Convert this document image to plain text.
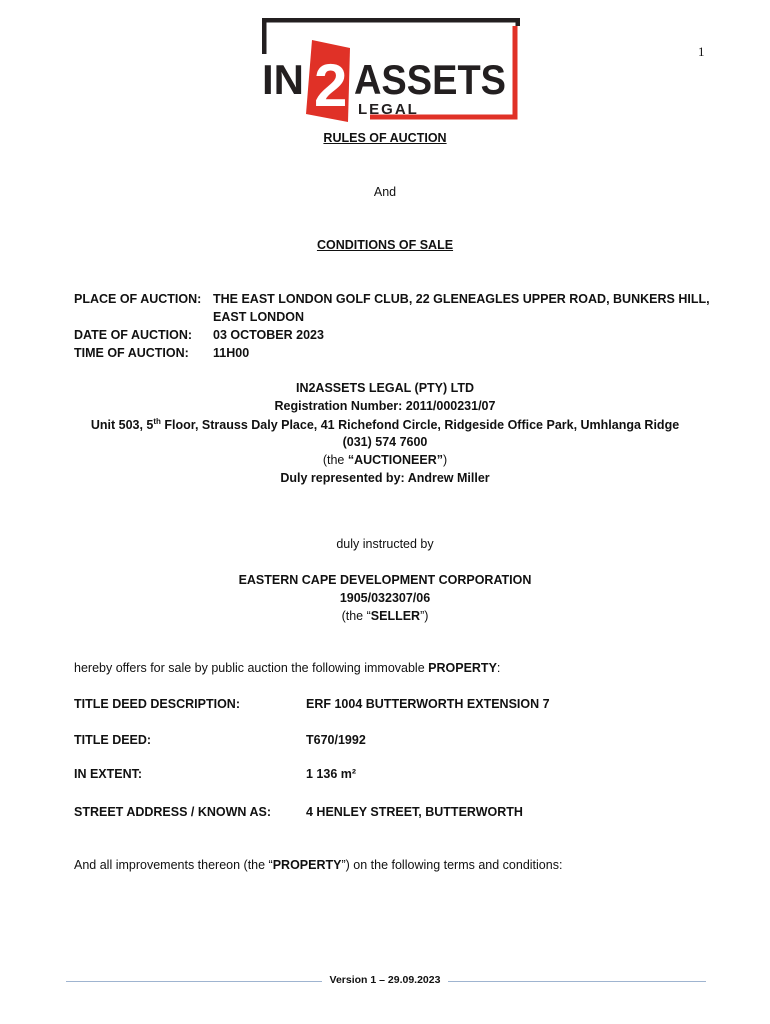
IN 2 ASSETS
LEGAL
1
RULES OF AUCTION
And
CONDITIONS OF SALE
PLACE OF AUCTION: THE EAST LONDON GOLF CLUB, 22 GLENEAGLES UPPER ROAD, BUNKERS HILL,
EAST LONDON
DATE OF AUCTION: 03 OCTOBER 2023
TIME OF AUCTION: 11H00
IN2ASSETS LEGAL (PTY) LTD
Registration Number: 2011/000231/07
Unit 503, 5th Floor, Strauss Daly Place, 41 Richefond Circle, Ridgeside Office Park, Umhlanga Ridge
(031) 574 7600
(the “AUCTIONEER”)
Duly represented by: Andrew Miller
duly instructed by
EASTERN CAPE DEVELOPMENT CORPORATION
1905/032307/06
(the “SELLER”)
hereby offers for sale by public auction the following immovable PROPERTY:
TITLE DEED DESCRIPTION:	ERF 1004 BUTTERWORTH EXTENSION 7
TITLE DEED:	T670/1992
IN EXTENT:	1 136 m²
STREET ADDRESS / KNOWN AS:	4 HENLEY STREET, BUTTERWORTH
And all improvements thereon (the “PROPERTY”) on the following terms and conditions:
Version 1 – 29.09.2023
